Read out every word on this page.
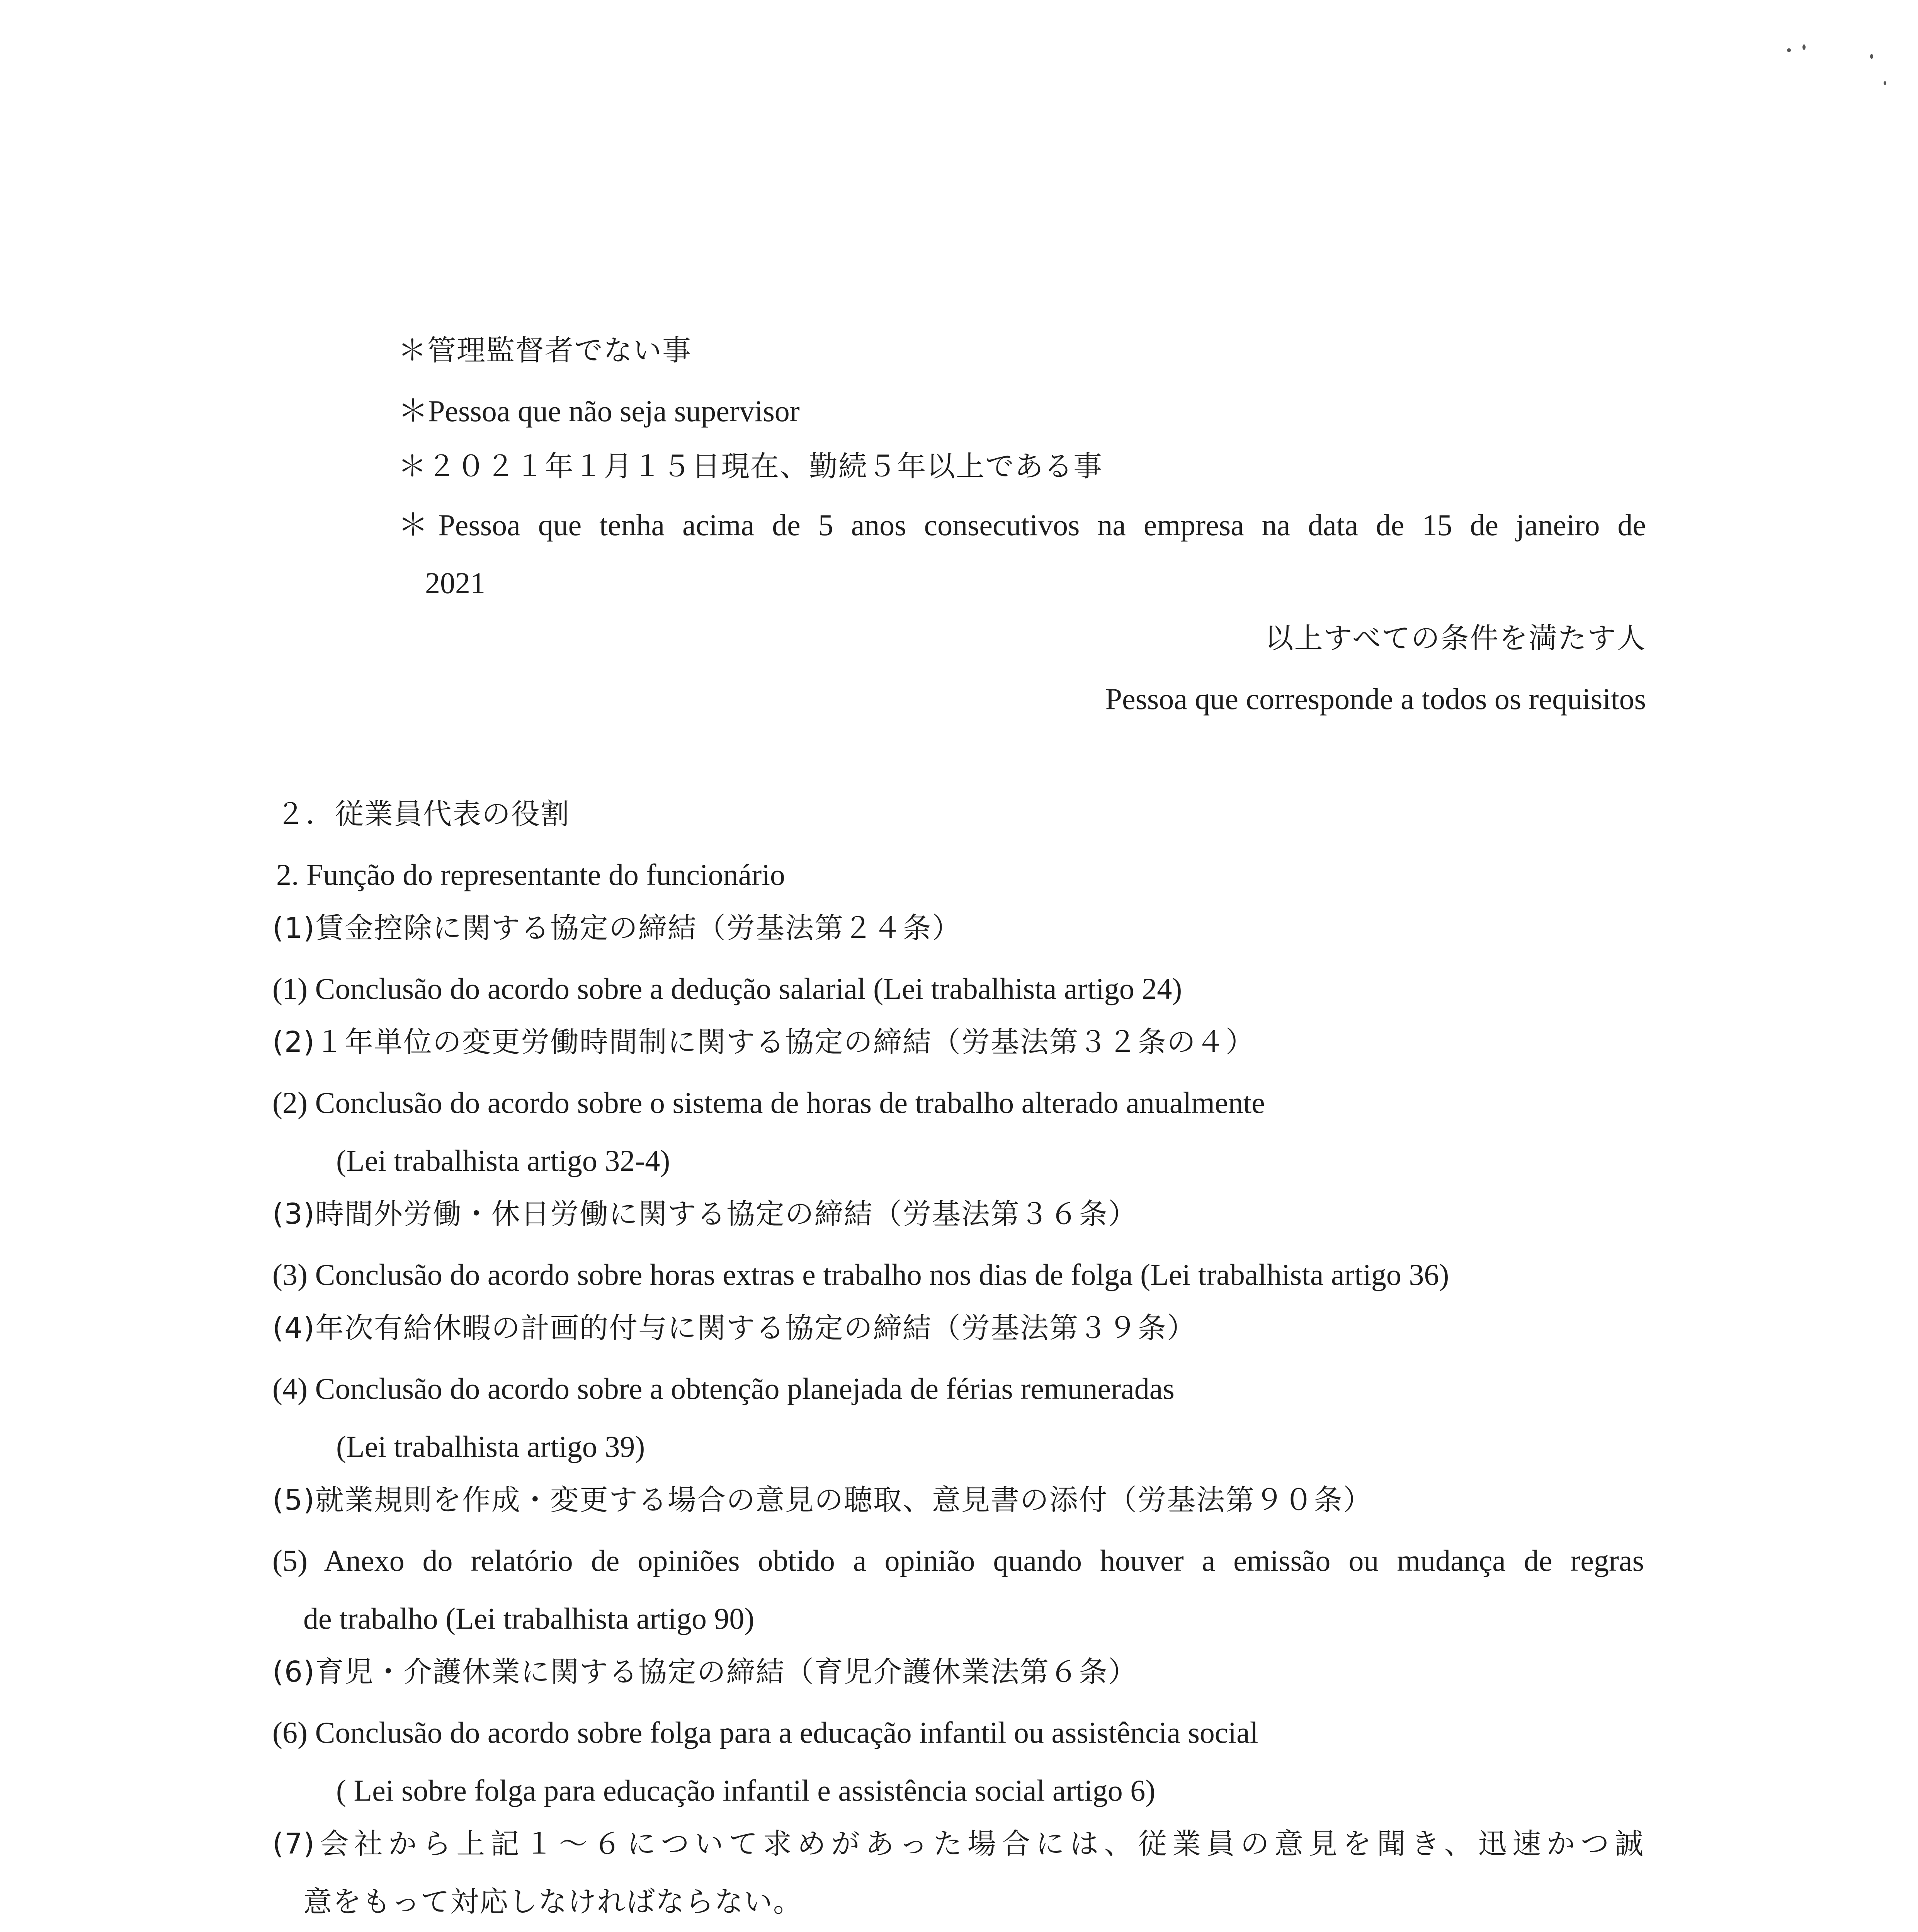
＊管理監督者でない事
＊Pessoa que não seja supervisor
＊２０２１年１月１５日現在、勤続５年以上である事
＊Pessoa que tenha acima de 5 anos consecutivos na empresa na data de 15 de janeiro de
2021
以上すべての条件を満たす人
Pessoa que corresponde a todos os requisitos
２．従業員代表の役割
2. Função do representante do funcionário
(1)賃金控除に関する協定の締結（労基法第２４条）
(1) Conclusão do acordo sobre a dedução salarial (Lei trabalhista artigo 24)
(2)１年単位の変更労働時間制に関する協定の締結（労基法第３２条の４）
(2) Conclusão do acordo sobre o sistema de horas de trabalho alterado anualmente
(Lei trabalhista artigo 32-4)
(3)時間外労働・休日労働に関する協定の締結（労基法第３６条）
(3) Conclusão do acordo sobre horas extras e trabalho nos dias de folga (Lei trabalhista artigo 36)
(4)年次有給休暇の計画的付与に関する協定の締結（労基法第３９条）
(4) Conclusão do acordo sobre a obtenção planejada de férias remuneradas
(Lei trabalhista artigo 39)
(5)就業規則を作成・変更する場合の意見の聴取、意見書の添付（労基法第９０条）
(5) Anexo do relatório de opiniões obtido a opinião quando houver a emissão ou mudança de regras
de trabalho (Lei trabalhista artigo 90)
(6)育児・介護休業に関する協定の締結（育児介護休業法第６条）
(6) Conclusão do acordo sobre folga para a educação infantil ou assistência social
( Lei sobre folga para educação infantil e assistência social artigo 6)
(7)会社から上記１～６について求めがあった場合には、従業員の意見を聞き、迅速かつ誠
意をもって対応しなければならない。
